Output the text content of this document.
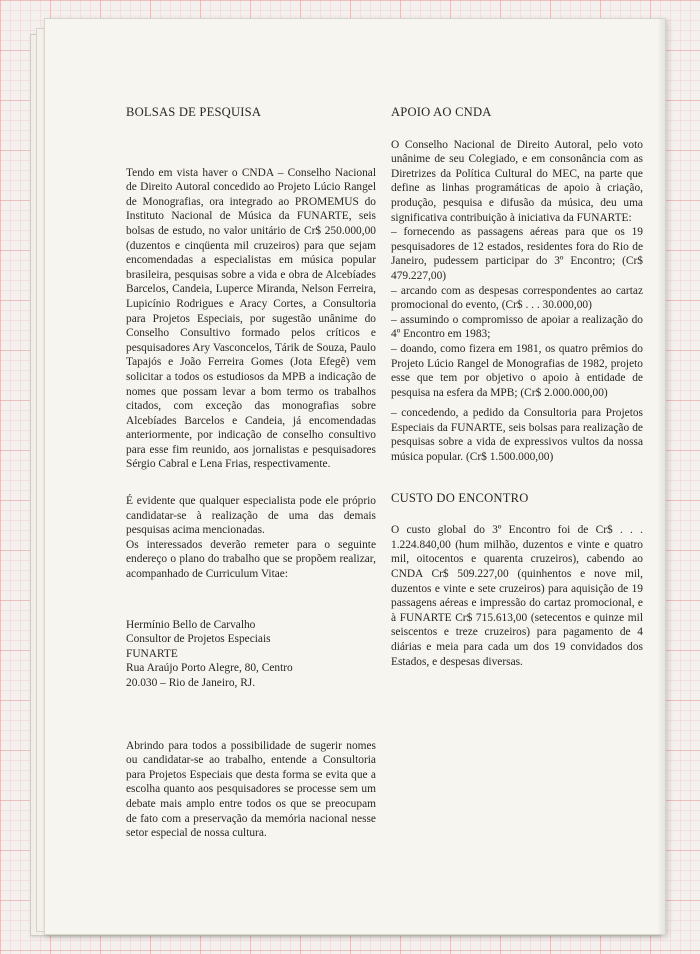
BOLSAS DE PESQUISA

Tendo em vista haver o CNDA – Conselho Nacional de Direito Autoral concedido ao Projeto Lúcio Rangel de Monografias, ora integrado ao PROMEMUS do Instituto Nacional de Música da FUNARTE, seis bolsas de estudo, no valor unitário de Cr$ 250.000,00 (duzentos e cinqüenta mil cruzeiros) para que sejam encomendadas a especialistas em música popular brasileira, pesquisas sobre a vida e obra de Alcebíades Barcelos, Candeia, Luperce Miranda, Nelson Ferreira, Lupicínio Rodrigues e Aracy Cortes, a Consultoria para Projetos Especiais, por sugestão unânime do Conselho Consultivo formado pelos críticos e pesquisadores Ary Vasconcelos, Tárik de Souza, Paulo Tapajós e João Ferreira Gomes (Jota Efegê) vem solicitar a todos os estudiosos da MPB a indicação de nomes que possam levar a bom termo os trabalhos citados, com exceção das monografias sobre Alcebíades Barcelos e Candeia, já encomendadas anteriormente, por indicação de conselho consultivo para esse fim reunido, aos jornalistas e pesquisadores Sérgio Cabral e Lena Frias, respectivamente.

É evidente que qualquer especialista pode ele próprio candidatar-se à realização de uma das demais pesquisas acima mencionadas.

Os interessados deverão remeter para o seguinte endereço o plano do trabalho que se propõem realizar, acompanhado de Curriculum Vitae:

Hermínio Bello de Carvalho
Consultor de Projetos Especiais
FUNARTE
Rua Araújo Porto Alegre, 80, Centro
20.030 – Rio de Janeiro, RJ.

Abrindo para todos a possibilidade de sugerir nomes ou candidatar-se ao trabalho, entende a Consultoria para Projetos Especiais que desta forma se evita que a escolha quanto aos pesquisadores se processe sem um debate mais amplo entre todos os que se preocupam de fato com a preservação da memória nacional nesse setor especial de nossa cultura.

APOIO AO CNDA

O Conselho Nacional de Direito Autoral, pelo voto unânime de seu Colegiado, e em consonância com as Diretrizes da Política Cultural do MEC, na parte que define as linhas programáticas de apoio à criação, produção, pesquisa e difusão da música, deu uma significativa contribuição à iniciativa da FUNARTE:

– fornecendo as passagens aéreas para que os 19 pesquisadores de 12 estados, residentes fora do Rio de Janeiro, pudessem participar do 3º Encontro; (Cr$ 479.227,00)

– arcando com as despesas correspondentes ao cartaz promocional do evento, (Cr$ . . . 30.000,00)

– assumindo o compromisso de apoiar a realização do 4º Encontro em 1983;

– doando, como fizera em 1981, os quatro prêmios do Projeto Lúcio Rangel de Monografias de 1982, projeto esse que tem por objetivo o apoio à entidade de pesquisa na esfera da MPB; (Cr$ 2.000.000,00)

– concedendo, a pedido da Consultoria para Projetos Especiais da FUNARTE, seis bolsas para realização de pesquisas sobre a vida de expressivos vultos da nossa música popular. (Cr$ 1.500.000,00)

CUSTO DO ENCONTRO

O custo global do 3º Encontro foi de Cr$ . . . 1.224.840,00 (hum milhão, duzentos e vinte e quatro mil, oitocentos e quarenta cruzeiros), cabendo ao CNDA Cr$ 509.227,00 (quinhentos e nove mil, duzentos e vinte e sete cruzeiros) para aquisição de 19 passagens aéreas e impressão do cartaz promocional, e à FUNARTE Cr$ 715.613,00 (setecentos e quinze mil seiscentos e treze cruzeiros) para pagamento de 4 diárias e meia para cada um dos 19 convidados dos Estados, e despesas diversas.
